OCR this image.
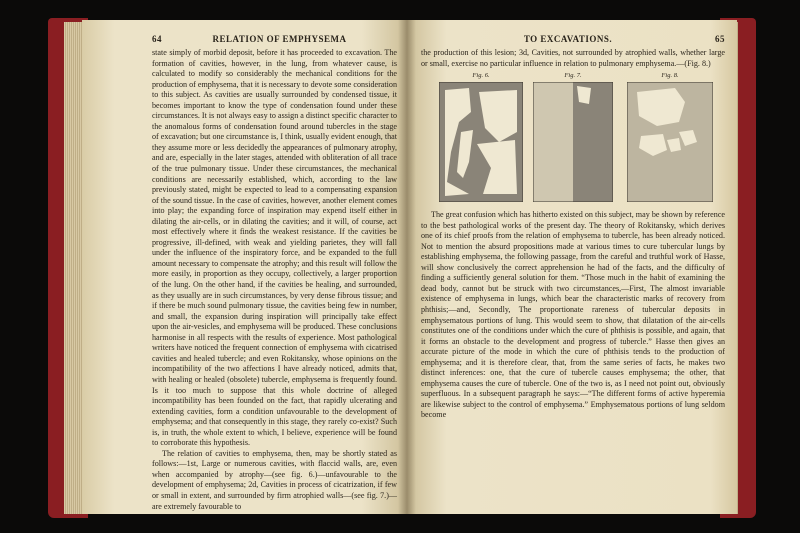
64	RELATION OF EMPHYSEMA

state simply of morbid deposit, before it has proceeded to excavation. The formation of cavities, however, in the lung, from whatever cause, is calculated to modify so considerably the mechanical conditions for the production of emphysema, that it is necessary to devote some consideration to this subject. As cavities are usually surrounded by condensed tissue, it becomes important to know the type of condensation found under these circumstances. It is not always easy to assign a distinct specific character to the anomalous forms of condensation found around tubercles in the stage of excavation; but one circumstance is, I think, usually evident enough, that they assume more or less decidedly the appearances of pulmonary atrophy, and are, especially in the later stages, attended with obliteration of all trace of the true pulmonary tissue. Under these circumstances, the mechanical conditions are necessarily established, which, according to the law previously stated, might be expected to lead to a compensating expansion of the sound tissue. In the case of cavities, however, another element comes into play; the expanding force of inspiration may expend itself either in dilating the air-cells, or in dilating the cavities; and it will, of course, act most effectively where it finds the weakest resistance. If the cavities be progressive, ill-defined, with weak and yielding parietes, they will fall under the influence of the inspiratory force, and be expanded to the full amount necessary to compensate the atrophy; and this result will follow the more easily, in proportion as they occupy, collectively, a larger proportion of the lung. On the other hand, if the cavities be healing, and surrounded, as they usually are in such circumstances, by very dense fibrous tissue; and if there be much sound pulmonary tissue, the cavities being few in number, and small, the expansion during inspiration will principally take effect upon the air-vesicles, and emphysema will be produced. These conclusions harmonise in all respects with the results of experience. Most pathological writers have noticed the frequent connection of emphysema with cicatrised cavities and healed tubercle; and even Rokitansky, whose opinions on the incompatibility of the two affections I have already noticed, admits that, with healing or healed (obsolete) tubercle, emphysema is frequently found. Is it too much to suppose that this whole doctrine of alleged incompatibility has been founded on the fact, that rapidly ulcerating and extending cavities, form a condition unfavourable to the development of emphysema; and that consequently in this stage, they rarely co-exist? Such is, in truth, the whole extent to which, I believe, experience will be found to corroborate this hypothesis.

The relation of cavities to emphysema, then, may be shortly stated as follows:—1st, Large or numerous cavities, with flaccid walls, are, even when accompanied by atrophy—(see fig. 6.)—unfavourable to the development of emphysema; 2d, Cavities in process of cicatrization, if few or small in extent, and surrounded by firm atrophied walls—(see fig. 7.)—are extremely favourable to

TO EXCAVATIONS.	65

the production of this lesion; 3d, Cavities, not surrounded by atrophied walls, whether large or small, exercise no particular influence in relation to pulmonary emphysema.—(Fig. 8.)

Fig. 6.	Fig. 7.	Fig. 8.

The great confusion which has hitherto existed on this subject, may be shown by reference to the best pathological works of the present day. The theory of Rokitansky, which derives one of its chief proofs from the relation of emphysema to tubercle, has been already noticed. Not to mention the absurd propositions made at various times to cure tubercular lungs by establishing emphysema, the following passage, from the careful and truthful work of Hasse, will show conclusively the correct apprehension he had of the facts, and the difficulty of finding a sufficiently general solution for them. “Those much in the habit of examining the dead body, cannot but be struck with two circumstances,—First, The almost invariable existence of emphysema in lungs, which bear the characteristic marks of recovery from phthisis;—and, Secondly, The proportionate rareness of tubercular deposits in emphysematous portions of lung. This would seem to show, that dilatation of the air-cells constitutes one of the conditions under which the cure of phthisis is possible, and again, that it forms an obstacle to the development and progress of tubercle.” Hasse then gives an accurate picture of the mode in which the cure of phthisis tends to the production of emphysema; and it is therefore clear, that, from the same series of facts, he makes two distinct inferences: one, that the cure of tubercle causes emphysema; the other, that emphysema causes the cure of tubercle. One of the two is, as I need not point out, obviously superfluous. In a subsequent paragraph he says:—“The different forms of active hyperemia are likewise subject to the control of emphysema.” Emphysematous portions of lung seldom become
